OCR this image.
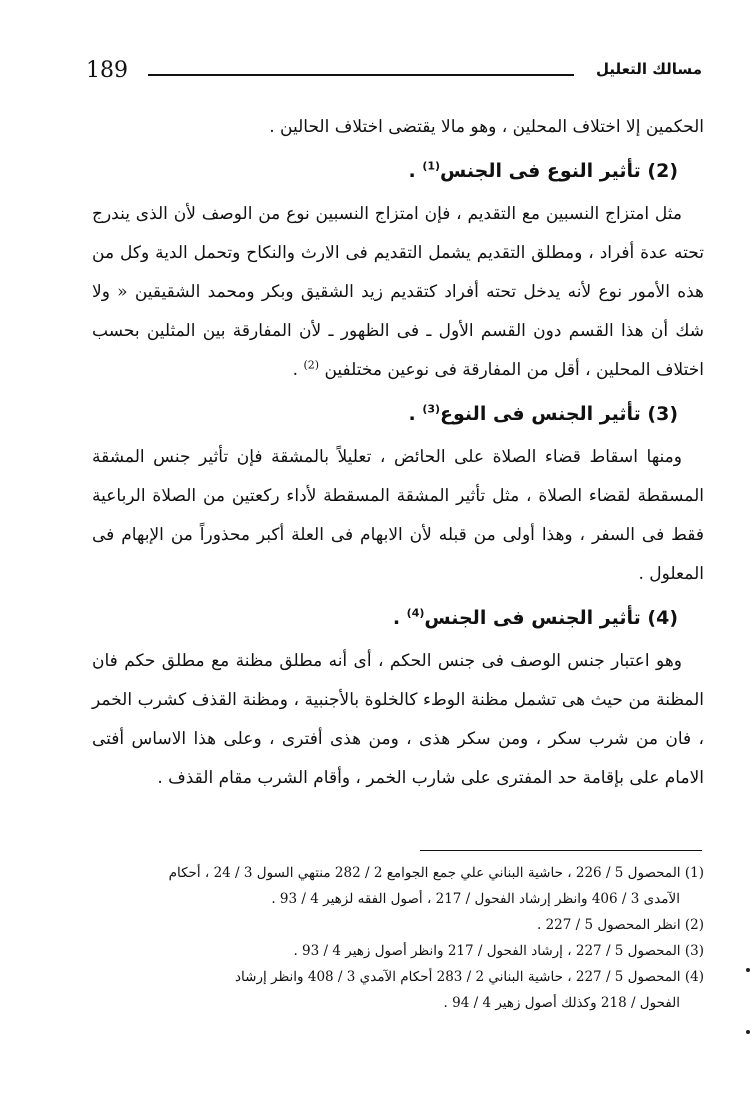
189	مسالك التعليل

الحكمين إلا اختلاف المحلين ، وهو مالا يقتضى اختلاف الحالين .

(2) تأثير النوع فى الجنس$^{(1)}$ .

مثل امتزاج النسبين مع التقديم ، فإن امتزاج النسبين نوع من الوصف لأن الذى يندرج تحته عدة أفراد ، ومطلق التقديم يشمل التقديم فى الارث والنكاح وتحمل الدية وكل من هذه الأمور نوع لأنه يدخل تحته أفراد كتقديم زيد الشقيق وبكر ومحمد الشقيقين « ولا شك أن هذا القسم دون القسم الأول ـ فى الظهور ـ لأن المفارقة بين المثلين بحسب اختلاف المحلين ، أقل من المفارقة فى نوعين مختلفين $^{(2)}$ .

(3) تأثير الجنس فى النوع$^{(3)}$ .

ومنها اسقاط قضاء الصلاة على الحائض ، تعليلاً بالمشقة فإن تأثير جنس المشقة المسقطة لقضاء الصلاة ، مثل تأثير المشقة المسقطة لأداء ركعتين من الصلاة الرباعية فقط فى السفر ، وهذا أولى من قبله لأن الابهام فى العلة أكبر محذوراً من الإبهام فى المعلول .

(4) تأثير الجنس فى الجنس$^{(4)}$ .

وهو اعتبار جنس الوصف فى جنس الحكم ، أى أنه مطلق مظنة مع مطلق حكم فان المظنة من حيث هى تشمل مظنة الوطء كالخلوة بالأجنبية ، ومظنة القذف كشرب الخمر ، فان من شرب سكر ، ومن سكر هذى ، ومن هذى أفترى ، وعلى هذا الاساس أفتى الامام على بإقامة حد المفترى على شارب الخمر ، وأقام الشرب مقام القذف .

(1) المحصول 5 / 226 ، حاشية البناني علي جمع الجوامع 2 / 282 منتهي السول 3 / 24 ، أحكام

الآمدى 3 / 406 وانظر إرشاد الفحول / 217 ، أصول الفقه لزهير 4 / 93 .

(2) انظر المحصول 5 / 227 .

(3) المحصول 5 / 227 ، إرشاد الفحول / 217 وانظر أصول زهير 4 / 93 .

(4) المحصول 5 / 227 ، حاشية البناني 2 / 283 أحكام الآمدي 3 / 408 وانظر إرشاد

الفحول / 218 وكذلك أصول زهير 4 / 94 .
